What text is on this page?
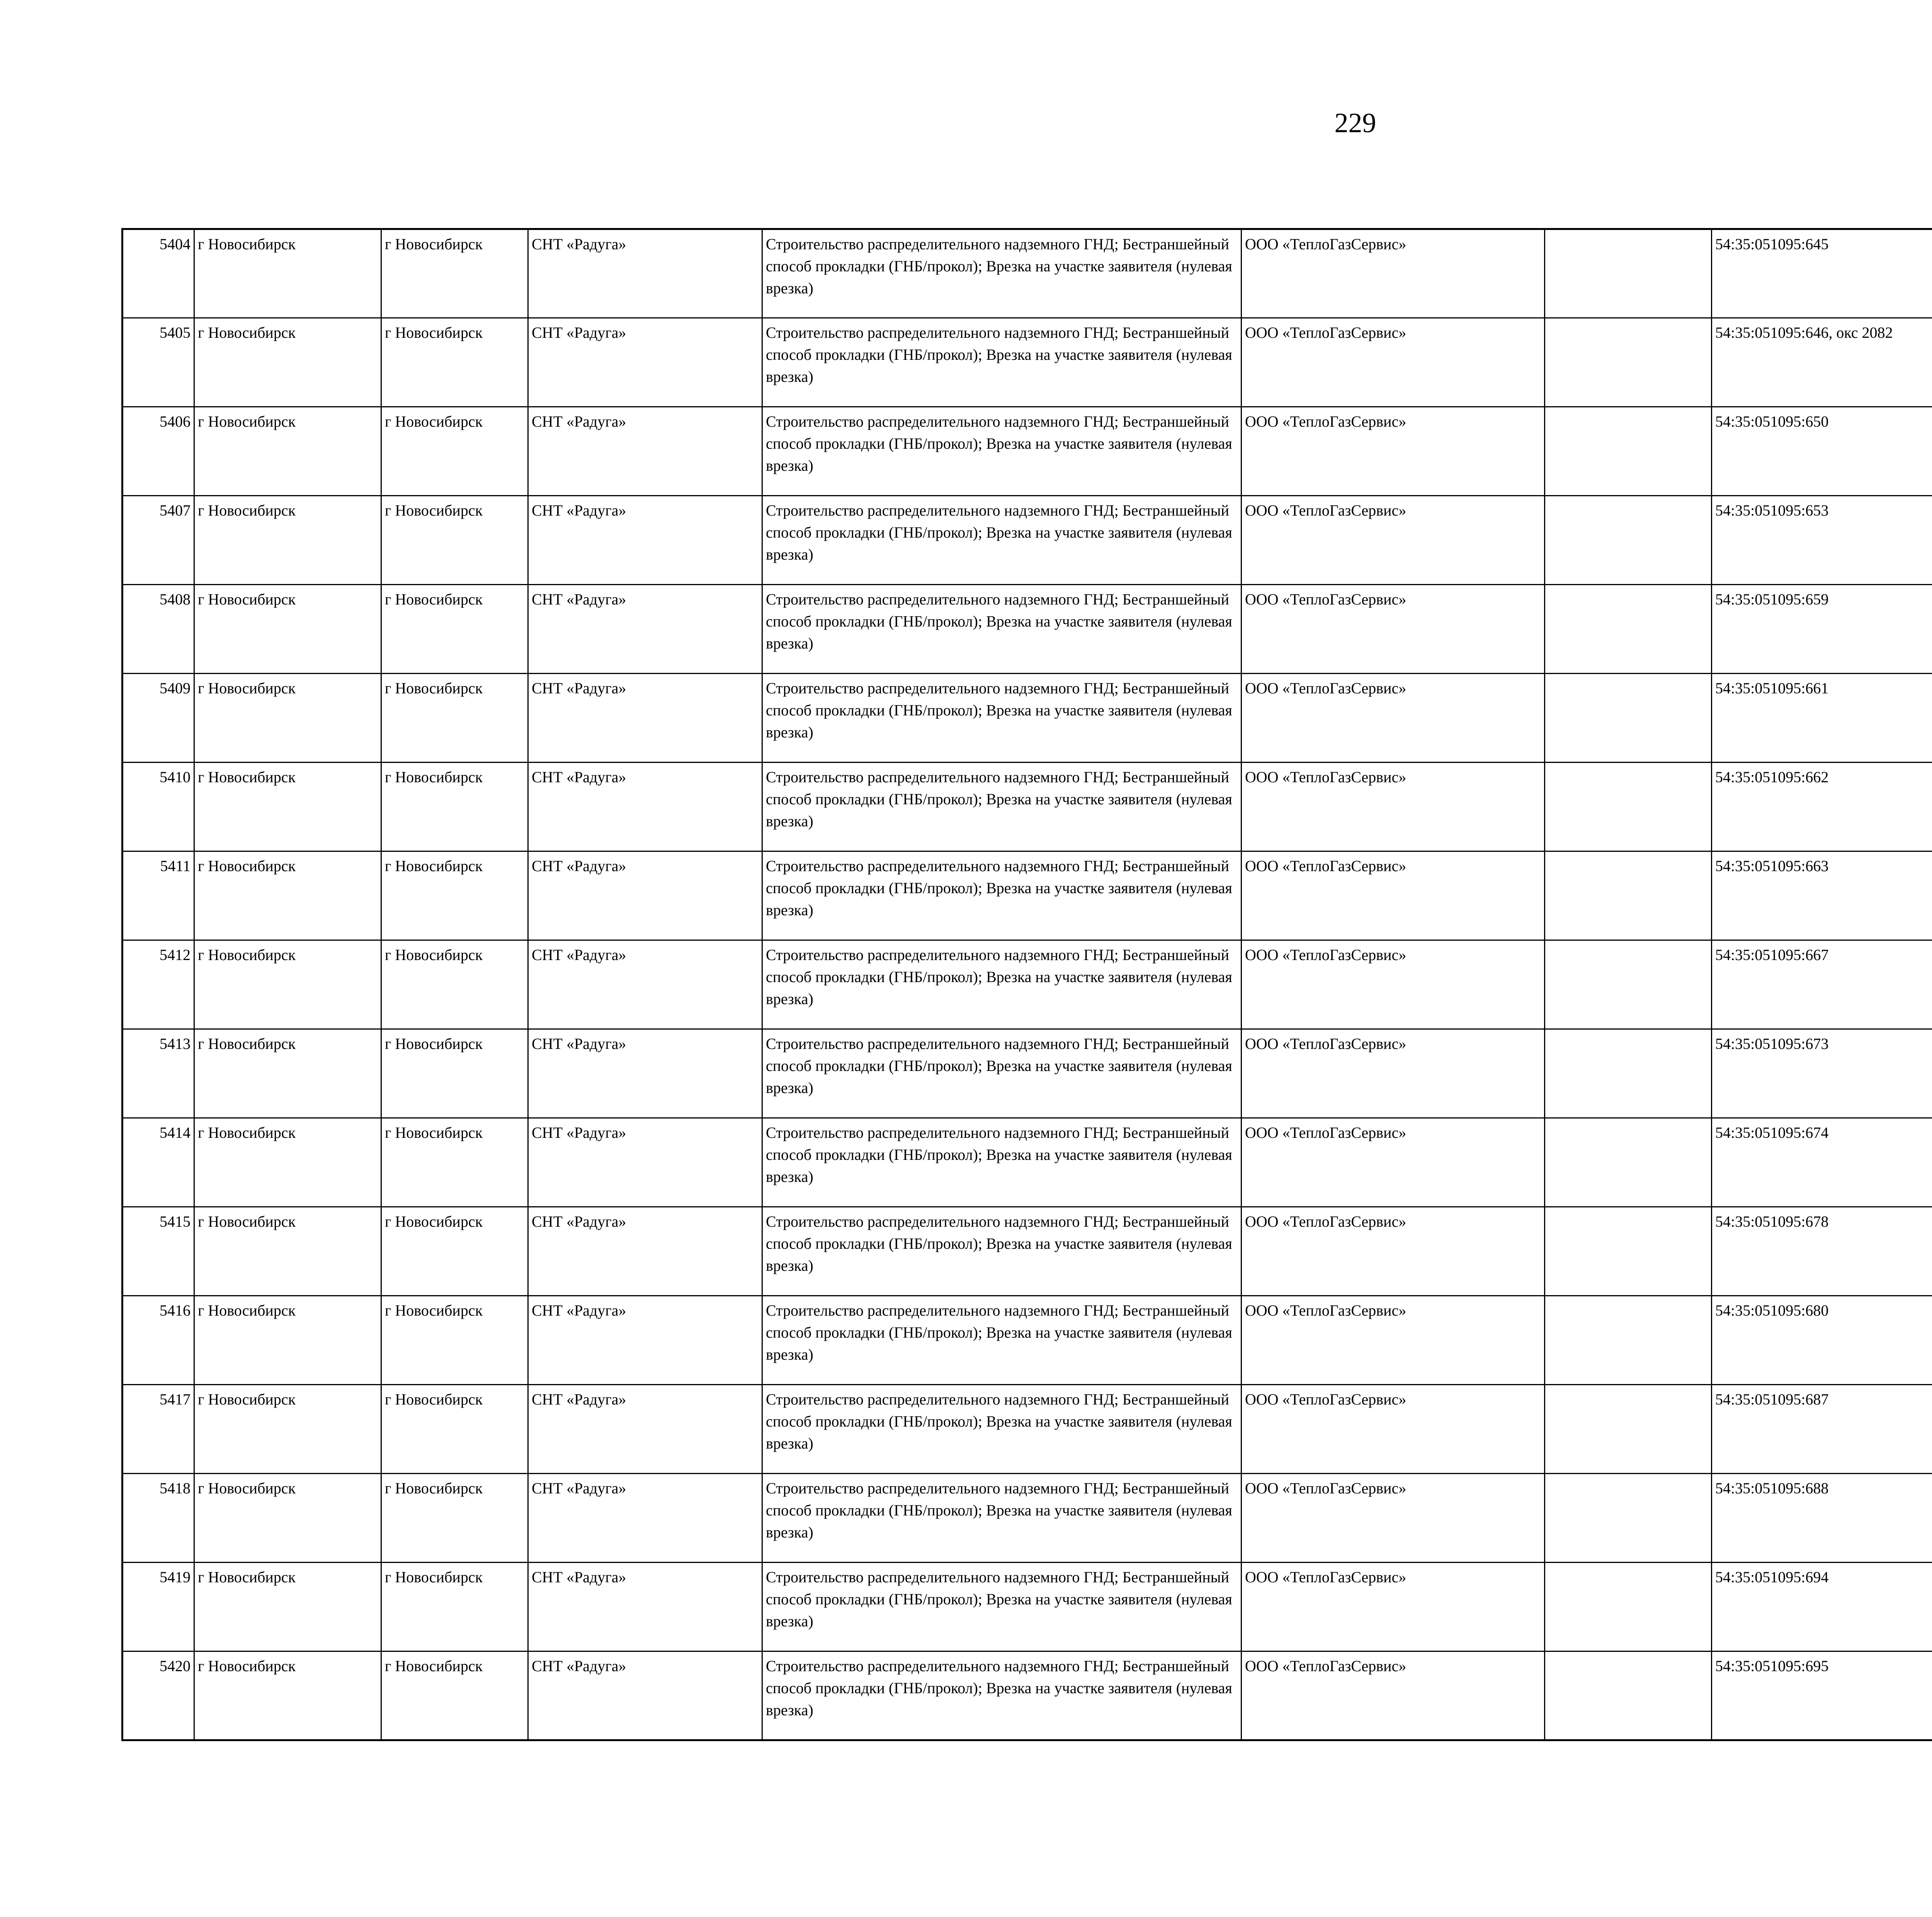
229
5404	г Новосибирск	г Новосибирск	СНТ «Радуга»	Строительство распределительного надземного ГНД; Бестраншейный способ прокладки (ГНБ/прокол); Врезка на участке заявителя (нулевая врезка)	ООО «ТеплоГазСервис»		54:35:051095:645					
5405	г Новосибирск	г Новосибирск	СНТ «Радуга»	Строительство распределительного надземного ГНД; Бестраншейный способ прокладки (ГНБ/прокол); Врезка на участке заявителя (нулевая врезка)	ООО «ТеплоГазСервис»		54:35:051095:646, окс 2082					
5406	г Новосибирск	г Новосибирск	СНТ «Радуга»	Строительство распределительного надземного ГНД; Бестраншейный способ прокладки (ГНБ/прокол); Врезка на участке заявителя (нулевая врезка)	ООО «ТеплоГазСервис»		54:35:051095:650					
5407	г Новосибирск	г Новосибирск	СНТ «Радуга»	Строительство распределительного надземного ГНД; Бестраншейный способ прокладки (ГНБ/прокол); Врезка на участке заявителя (нулевая врезка)	ООО «ТеплоГазСервис»		54:35:051095:653					
5408	г Новосибирск	г Новосибирск	СНТ «Радуга»	Строительство распределительного надземного ГНД; Бестраншейный способ прокладки (ГНБ/прокол); Врезка на участке заявителя (нулевая врезка)	ООО «ТеплоГазСервис»		54:35:051095:659					
5409	г Новосибирск	г Новосибирск	СНТ «Радуга»	Строительство распределительного надземного ГНД; Бестраншейный способ прокладки (ГНБ/прокол); Врезка на участке заявителя (нулевая врезка)	ООО «ТеплоГазСервис»		54:35:051095:661					
5410	г Новосибирск	г Новосибирск	СНТ «Радуга»	Строительство распределительного надземного ГНД; Бестраншейный способ прокладки (ГНБ/прокол); Врезка на участке заявителя (нулевая врезка)	ООО «ТеплоГазСервис»		54:35:051095:662					
5411	г Новосибирск	г Новосибирск	СНТ «Радуга»	Строительство распределительного надземного ГНД; Бестраншейный способ прокладки (ГНБ/прокол); Врезка на участке заявителя (нулевая врезка)	ООО «ТеплоГазСервис»		54:35:051095:663					
5412	г Новосибирск	г Новосибирск	СНТ «Радуга»	Строительство распределительного надземного ГНД; Бестраншейный способ прокладки (ГНБ/прокол); Врезка на участке заявителя (нулевая врезка)	ООО «ТеплоГазСервис»		54:35:051095:667					
5413	г Новосибирск	г Новосибирск	СНТ «Радуга»	Строительство распределительного надземного ГНД; Бестраншейный способ прокладки (ГНБ/прокол); Врезка на участке заявителя (нулевая врезка)	ООО «ТеплоГазСервис»		54:35:051095:673					
5414	г Новосибирск	г Новосибирск	СНТ «Радуга»	Строительство распределительного надземного ГНД; Бестраншейный способ прокладки (ГНБ/прокол); Врезка на участке заявителя (нулевая врезка)	ООО «ТеплоГазСервис»		54:35:051095:674					
5415	г Новосибирск	г Новосибирск	СНТ «Радуга»	Строительство распределительного надземного ГНД; Бестраншейный способ прокладки (ГНБ/прокол); Врезка на участке заявителя (нулевая врезка)	ООО «ТеплоГазСервис»		54:35:051095:678					
5416	г Новосибирск	г Новосибирск	СНТ «Радуга»	Строительство распределительного надземного ГНД; Бестраншейный способ прокладки (ГНБ/прокол); Врезка на участке заявителя (нулевая врезка)	ООО «ТеплоГазСервис»		54:35:051095:680					
5417	г Новосибирск	г Новосибирск	СНТ «Радуга»	Строительство распределительного надземного ГНД; Бестраншейный способ прокладки (ГНБ/прокол); Врезка на участке заявителя (нулевая врезка)	ООО «ТеплоГазСервис»		54:35:051095:687					
5418	г Новосибирск	г Новосибирск	СНТ «Радуга»	Строительство распределительного надземного ГНД; Бестраншейный способ прокладки (ГНБ/прокол); Врезка на участке заявителя (нулевая врезка)	ООО «ТеплоГазСервис»		54:35:051095:688					
5419	г Новосибирск	г Новосибирск	СНТ «Радуга»	Строительство распределительного надземного ГНД; Бестраншейный способ прокладки (ГНБ/прокол); Врезка на участке заявителя (нулевая врезка)	ООО «ТеплоГазСервис»		54:35:051095:694					
5420	г Новосибирск	г Новосибирск	СНТ «Радуга»	Строительство распределительного надземного ГНД; Бестраншейный способ прокладки (ГНБ/прокол); Врезка на участке заявителя (нулевая врезка)	ООО «ТеплоГазСервис»		54:35:051095:695					
